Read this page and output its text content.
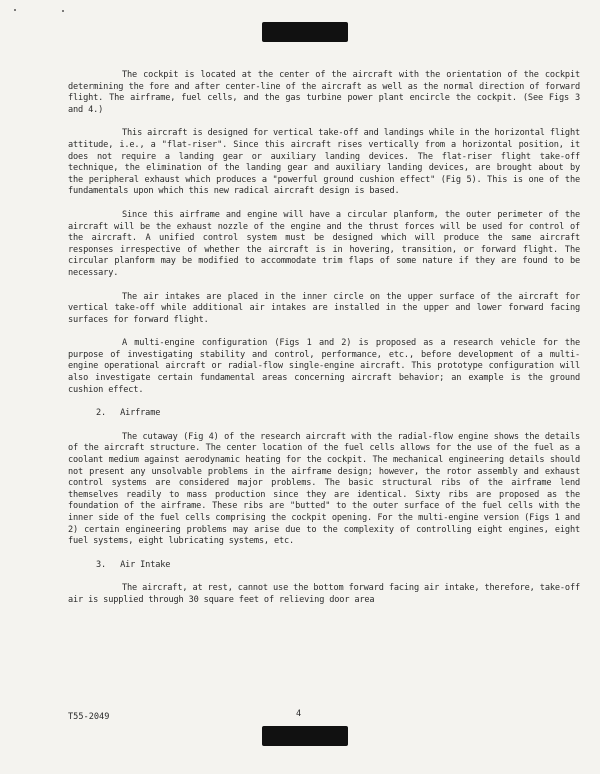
The cockpit is located at the center of the aircraft with the orientation of the cockpit determining the fore and after center-line of the aircraft as well as the normal direction of forward flight. The airframe, fuel cells, and the gas turbine power plant encircle the cockpit. (See Figs 3 and 4.)

This aircraft is designed for vertical take-off and landings while in the horizontal flight attitude, i.e., a "flat-riser". Since this aircraft rises vertically from a horizontal position, it does not require a landing gear or auxiliary landing devices. The flat-riser flight take-off technique, the elimination of the landing gear and auxiliary landing devices, are brought about by the peripheral exhaust which produces a "powerful ground cushion effect" (Fig 5). This is one of the fundamentals upon which this new radical aircraft design is based.

Since this airframe and engine will have a circular planform, the outer perimeter of the aircraft will be the exhaust nozzle of the engine and the thrust forces will be used for control of the aircraft. A unified control system must be designed which will produce the same aircraft responses irrespective of whether the aircraft is in hovering, transition, or forward flight. The circular planform may be modified to accommodate trim flaps of some nature if they are found to be necessary.

The air intakes are placed in the inner circle on the upper surface of the aircraft for vertical take-off while additional air intakes are installed in the upper and lower forward facing surfaces for forward flight.

A multi-engine configuration (Figs 1 and 2) is proposed as a research vehicle for the purpose of investigating stability and control, performance, etc., before development of a multi-engine operational aircraft or radial-flow single-engine aircraft. This prototype configuration will also investigate certain fundamental areas concerning aircraft behavior; an example is the ground cushion effect.

2. Airframe

The cutaway (Fig 4) of the research aircraft with the radial-flow engine shows the details of the aircraft structure. The center location of the fuel cells allows for the use of the fuel as a coolant medium against aerodynamic heating for the cockpit. The mechanical engineering details should not present any unsolvable problems in the airframe design; however, the rotor assembly and exhaust control systems are considered major problems. The basic structural ribs of the airframe lend themselves readily to mass production since they are identical. Sixty ribs are proposed as the foundation of the airframe. These ribs are "butted" to the outer surface of the fuel cells with the inner side of the fuel cells comprising the cockpit opening. For the multi-engine version (Figs 1 and 2) certain engineering problems may arise due to the complexity of controlling eight engines, eight fuel systems, eight lubricating systems, etc.

3. Air Intake

The aircraft, at rest, cannot use the bottom forward facing air intake, therefore, take-off air is supplied through 30 square feet of relieving door area

T55-2049	4
